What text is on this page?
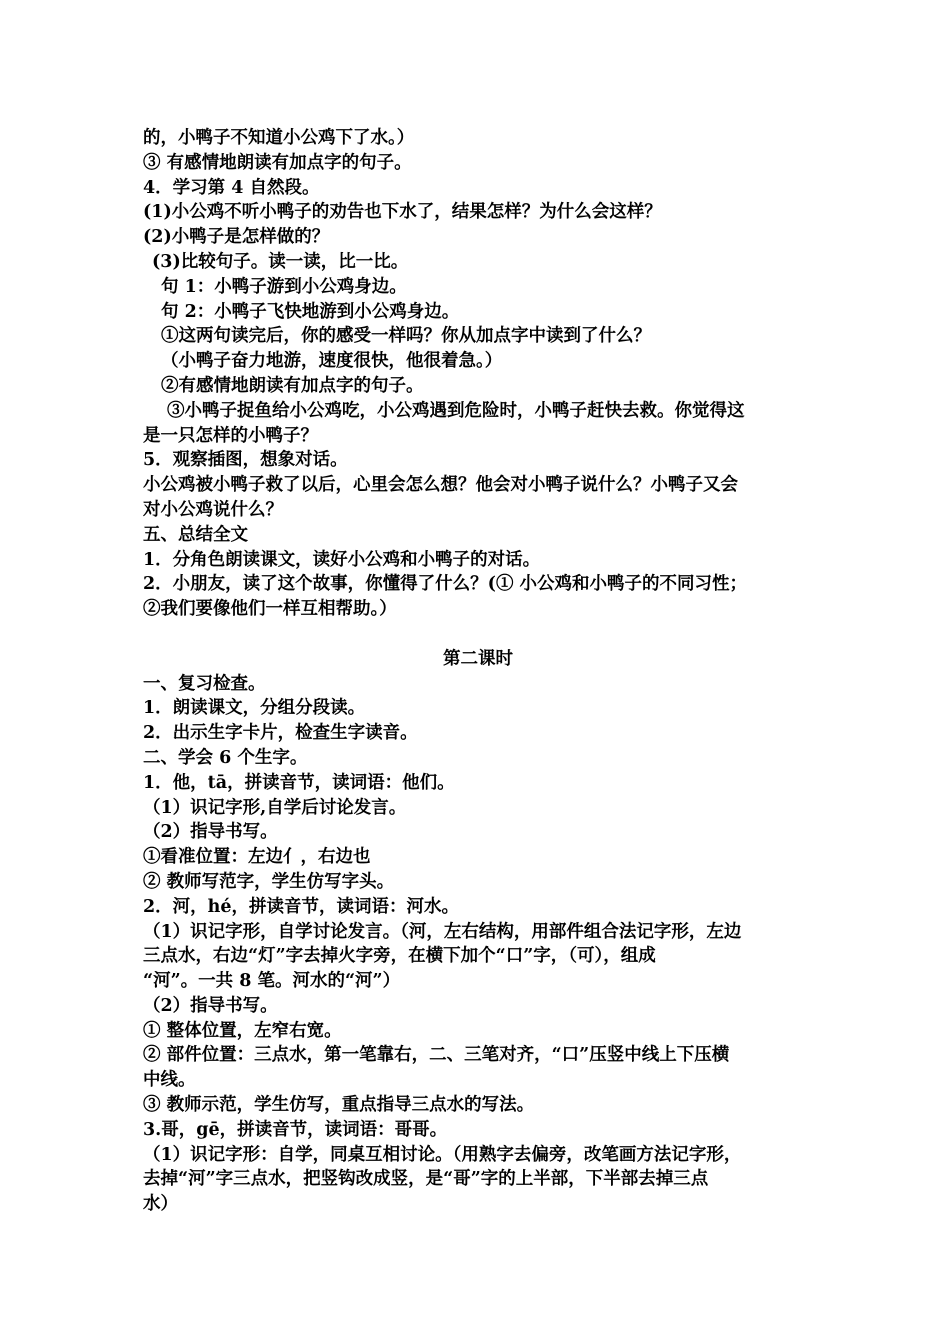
的，小鸭子不知道小公鸡下了水。）
③ 有感情地朗读有加点字的句子。
4．学习第 4 自然段。
(1)小公鸡不听小鸭子的劝告也下水了，结果怎样？为什么会这样？
(2)小鸭子是怎样做的？
(3)比较句子。读一读，比一比。
句 1：小鸭子游到小公鸡身边。
句 2：小鸭子飞快地游到小公鸡身边。
①这两句读完后，你的感受一样吗？你从加点字中读到了什么？
（小鸭子奋力地游，速度很快，他很着急。）
②有感情地朗读有加点字的句子。
③小鸭子捉鱼给小公鸡吃，小公鸡遇到危险时，小鸭子赶快去救。你觉得这
是一只怎样的小鸭子？
5．观察插图，想象对话。
小公鸡被小鸭子救了以后，心里会怎么想？他会对小鸭子说什么？小鸭子又会
对小公鸡说什么？
五、总结全文
1．分角色朗读课文，读好小公鸡和小鸭子的对话。
2．小朋友，读了这个故事，你懂得了什么？(① 小公鸡和小鸭子的不同习性；
②我们要像他们一样互相帮助。）
第二课时
一、复习检查。
1．朗读课文，分组分段读。
2．出示生字卡片，检查生字读音。
二、学会 6 个生字。
1．他，tā，拼读音节，读词语：他们。
（1）识记字形,自学后讨论发言。
（2）指导书写。
①看准位置：左边亻，右边也
② 教师写范字，学生仿写字头。
2．河，hé，拼读音节，读词语：河水。
（1）识记字形，自学讨论发言。（河，左右结构，用部件组合法记字形，左边
三点水，右边“灯”字去掉火字旁，在横下加个“口”字，（可），组成
“河”。一共 8 笔。河水的“河”）
（2）指导书写。
① 整体位置，左窄右宽。
② 部件位置：三点水，第一笔靠右，二、三笔对齐，“口”压竖中线上下压横
中线。
③ 教师示范，学生仿写，重点指导三点水的写法。
3.哥，gē，拼读音节，读词语：哥哥。
（1）识记字形：自学，同桌互相讨论。（用熟字去偏旁，改笔画方法记字形，
去掉“河”字三点水，把竖钩改成竖，是“哥”字的上半部，下半部去掉三点
水）
